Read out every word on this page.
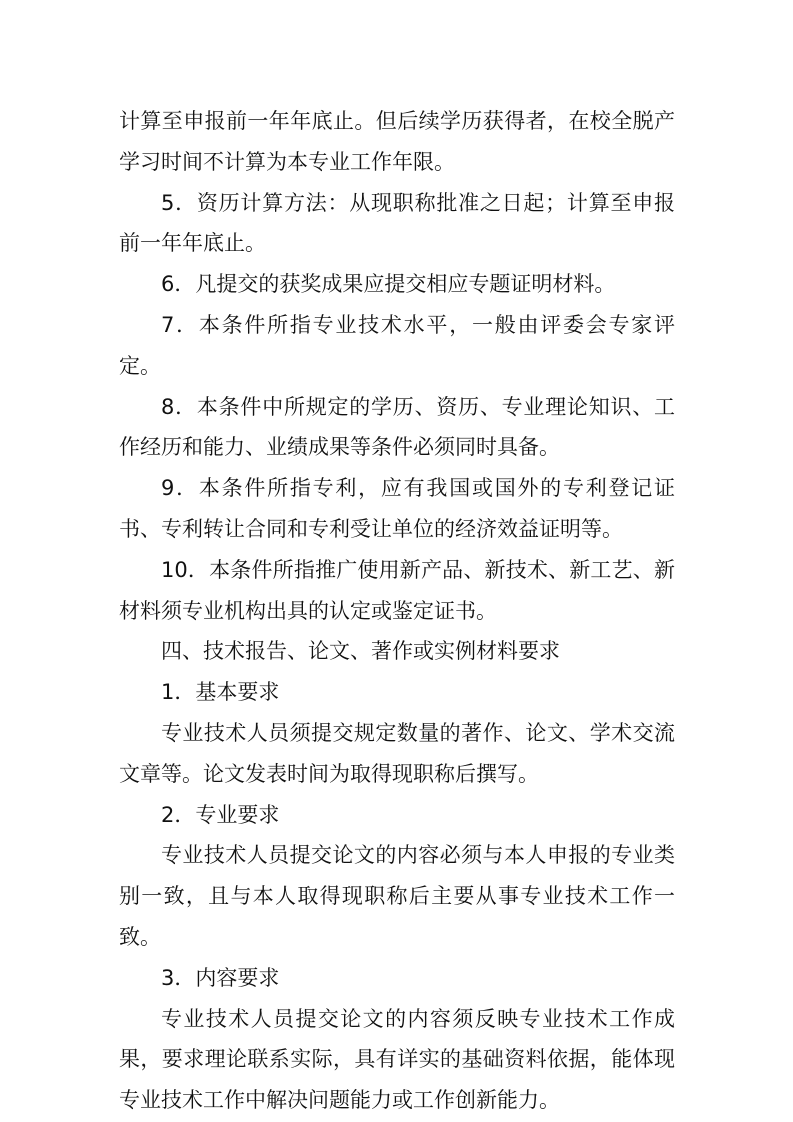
计算至申报前一年年底止。但后续学历获得者，在校全脱产学习时间不计算为本专业工作年限。

5．资历计算方法：从现职称批准之日起；计算至申报前一年年底止。

6．凡提交的获奖成果应提交相应专题证明材料。

7．本条件所指专业技术水平，一般由评委会专家评定。

8．本条件中所规定的学历、资历、专业理论知识、工作经历和能力、业绩成果等条件必须同时具备。

9．本条件所指专利，应有我国或国外的专利登记证书、专利转让合同和专利受让单位的经济效益证明等。

10．本条件所指推广使用新产品、新技术、新工艺、新材料须专业机构出具的认定或鉴定证书。

四、技术报告、论文、著作或实例材料要求

1．基本要求

专业技术人员须提交规定数量的著作、论文、学术交流文章等。论文发表时间为取得现职称后撰写。

2．专业要求

专业技术人员提交论文的内容必须与本人申报的专业类别一致，且与本人取得现职称后主要从事专业技术工作一致。

3．内容要求

专业技术人员提交论文的内容须反映专业技术工作成果，要求理论联系实际，具有详实的基础资料依据，能体现专业技术工作中解决问题能力或工作创新能力。
